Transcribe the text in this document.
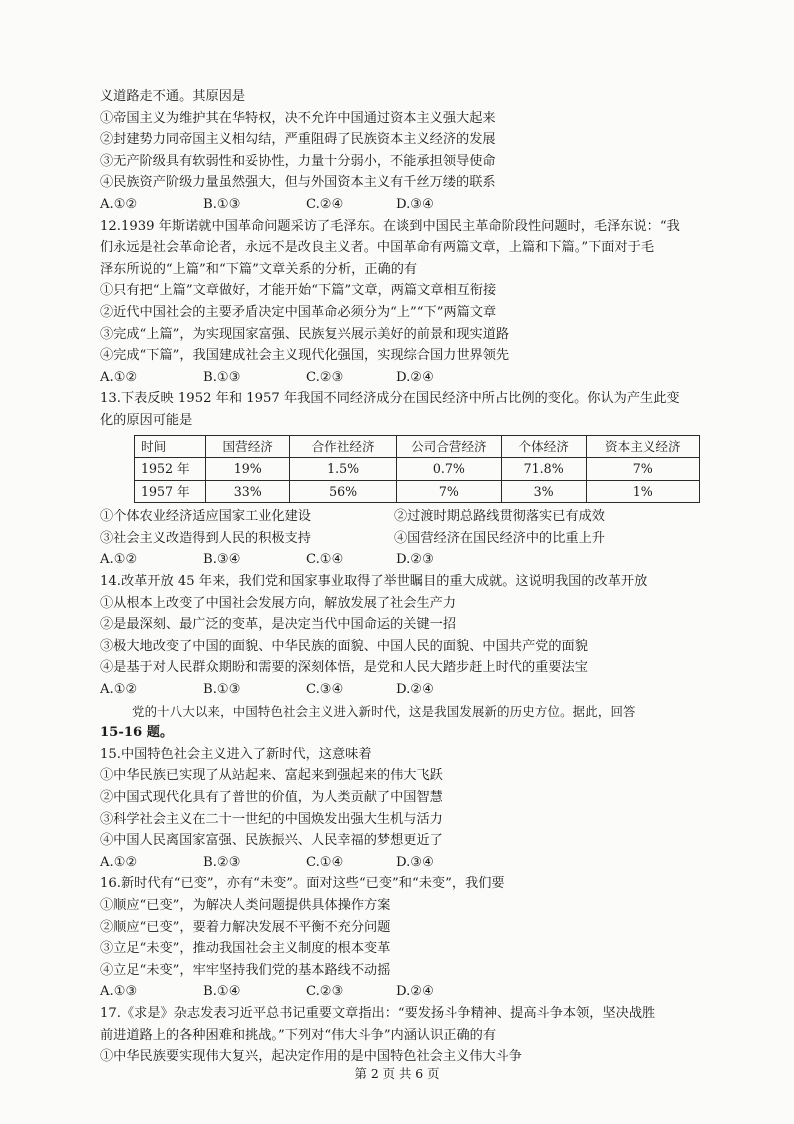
义道路走不通。其原因是

①帝国主义为维护其在华特权，决不允许中国通过资本主义强大起来

②封建势力同帝国主义相勾结，严重阻碍了民族资本主义经济的发展

③无产阶级具有软弱性和妥协性，力量十分弱小，不能承担领导使命

④民族资产阶级力量虽然强大，但与外国资本主义有千丝万缕的联系

A.①②	B.①③	C.②④	D.③④

12.1939 年斯诺就中国革命问题采访了毛泽东。在谈到中国民主革命阶段性问题时，毛泽东说：“我

们永远是社会革命论者，永远不是改良主义者。中国革命有两篇文章，上篇和下篇。”下面对于毛

泽东所说的“上篇”和“下篇”文章关系的分析，正确的有

①只有把“上篇”文章做好，才能开始“下篇”文章，两篇文章相互衔接

②近代中国社会的主要矛盾决定中国革命必须分为“上”“下”两篇文章

③完成“上篇”，为实现国家富强、民族复兴展示美好的前景和现实道路

④完成“下篇”，我国建成社会主义现代化强国，实现综合国力世界领先

A.①②	B.①③	C.②③	D.②④

13.下表反映 1952 年和 1957 年我国不同经济成分在国民经济中所占比例的变化。你认为产生此变

化的原因可能是

时间	国营经济	合作社经济	公司合营经济	个体经济	资本主义经济
1952 年	19%	1.5%	0.7%	71.8%	7%
1957 年	33%	56%	7%	3%	1%
①个体农业经济适应国家工业化建设	②过渡时期总路线贯彻落实已有成效
③社会主义改造得到人民的积极支持	④国营经济在国民经济中的比重上升
A.①②	B.③④	C.①④	D.②③

14.改革开放 45 年来，我们党和国家事业取得了举世瞩目的重大成就。这说明我国的改革开放

①从根本上改变了中国社会发展方向，解放发展了社会生产力

②是最深刻、最广泛的变革，是决定当代中国命运的关键一招

③极大地改变了中国的面貌、中华民族的面貌、中国人民的面貌、中国共产党的面貌

④是基于对人民群众期盼和需要的深刻体悟，是党和人民大踏步赶上时代的重要法宝

A.①②	B.①③	C.③④	D.②④

党的十八大以来，中国特色社会主义进入新时代，这是我国发展新的历史方位。据此，回答

15-16 题。

15.中国特色社会主义进入了新时代，这意味着

①中华民族已实现了从站起来、富起来到强起来的伟大飞跃

②中国式现代化具有了普世的价值，为人类贡献了中国智慧

③科学社会主义在二十一世纪的中国焕发出强大生机与活力

④中国人民离国家富强、民族振兴、人民幸福的梦想更近了

A.①②	B.②③	C.①④	D.③④

16.新时代有“已变”，亦有“未变”。面对这些“已变”和“未变”，我们要

①顺应“已变”，为解决人类问题提供具体操作方案

②顺应“已变”，要着力解决发展不平衡不充分问题

③立足“未变”，推动我国社会主义制度的根本变革

④立足“未变”，牢牢坚持我们党的基本路线不动摇

A.①③	B.①④	C.②③	D.②④

17.《求是》杂志发表习近平总书记重要文章指出：“要发扬斗争精神、提高斗争本领，坚决战胜

前进道路上的各种困难和挑战。”下列对“伟大斗争”内涵认识正确的有

①中华民族要实现伟大复兴，起决定作用的是中国特色社会主义伟大斗争

第 2 页 共 6 页
